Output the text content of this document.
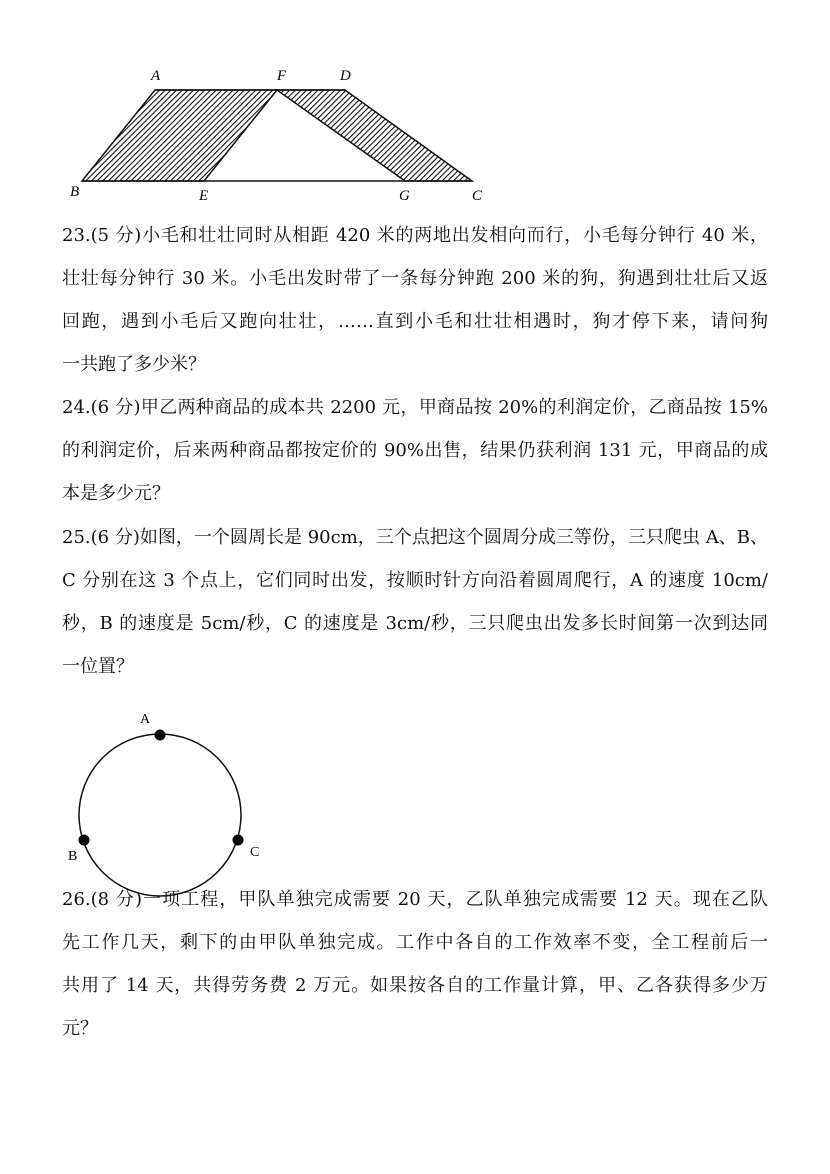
A	F	D
B	E	G	C
A
B	C
23.(5 分)小毛和壮壮同时从相距 420 米的两地出发相向而行，小毛每分钟行 40 米，
壮壮每分钟行 30 米。小毛出发时带了一条每分钟跑 200 米的狗，狗遇到壮壮后又返
回跑，遇到小毛后又跑向壮壮，……直到小毛和壮壮相遇时，狗才停下来，请问狗
一共跑了多少米？
24.(6 分)甲乙两种商品的成本共 2200 元，甲商品按 20%的利润定价，乙商品按 15%
的利润定价，后来两种商品都按定价的 90%出售，结果仍获利润 131 元，甲商品的成
本是多少元？
25.(6 分)如图，一个圆周长是 90cm，三个点把这个圆周分成三等份，三只爬虫 A、B、
C 分别在这 3 个点上，它们同时出发，按顺时针方向沿着圆周爬行，A 的速度 10cm/
秒，B 的速度是 5cm/秒，C 的速度是 3cm/秒，三只爬虫出发多长时间第一次到达同
一位置？
26.(8 分)一项工程，甲队单独完成需要 20 天，乙队单独完成需要 12 天。现在乙队
先工作几天，剩下的由甲队单独完成。工作中各自的工作效率不变，全工程前后一
共用了 14 天，共得劳务费 2 万元。如果按各自的工作量计算，甲、乙各获得多少万
元？
